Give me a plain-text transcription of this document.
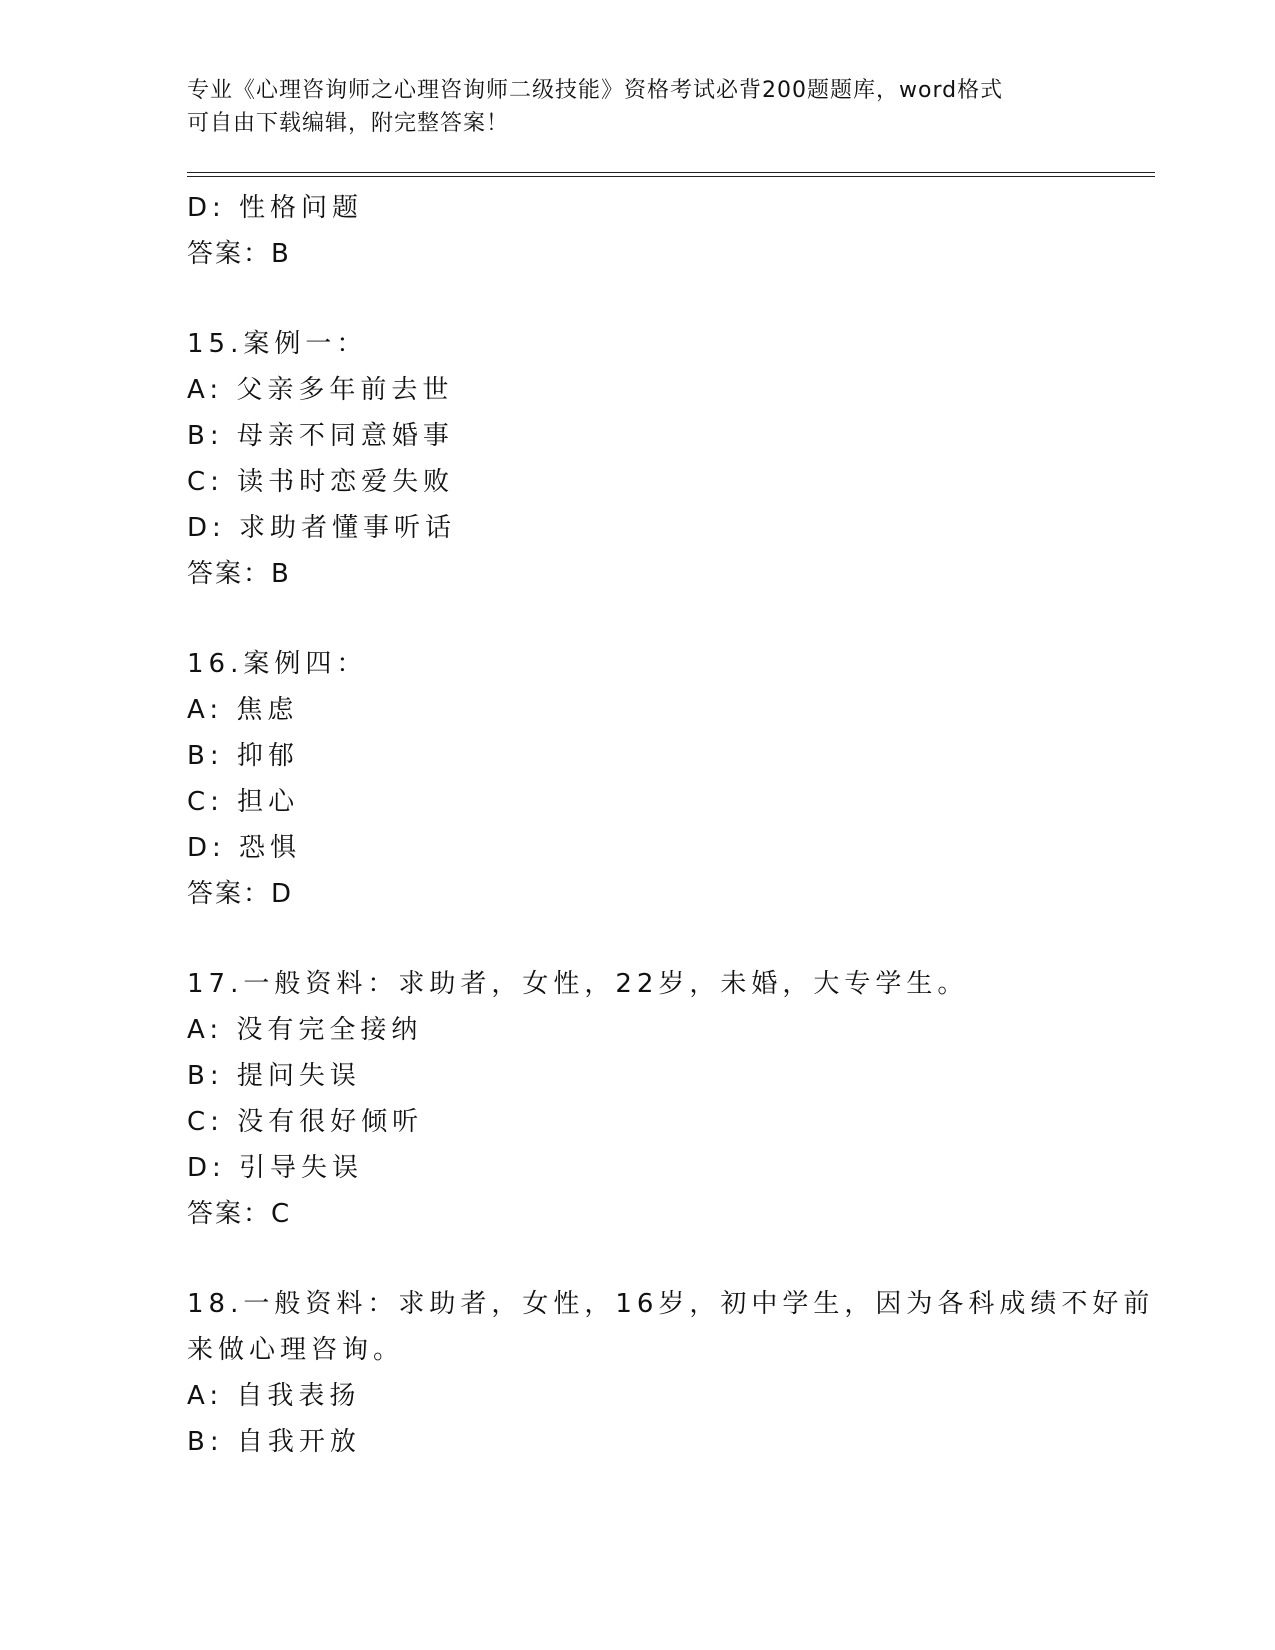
专业《心理咨询师之心理咨询师二级技能》资格考试必背200题题库，word格式
可自由下载编辑，附完整答案！
D: 性格问题
答案：B
15.案例一：
A: 父亲多年前去世
B: 母亲不同意婚事
C: 读书时恋爱失败
D: 求助者懂事听话
答案：B
16.案例四：
A: 焦虑
B: 抑郁
C: 担心
D: 恐惧
答案：D
17.一般资料：求助者，女性，22岁，未婚，大专学生。
A: 没有完全接纳
B: 提问失误
C: 没有很好倾听
D: 引导失误
答案：C
18.一般资料：求助者，女性，16岁，初中学生，因为各科成绩不好前
来做心理咨询。
A: 自我表扬
B: 自我开放
